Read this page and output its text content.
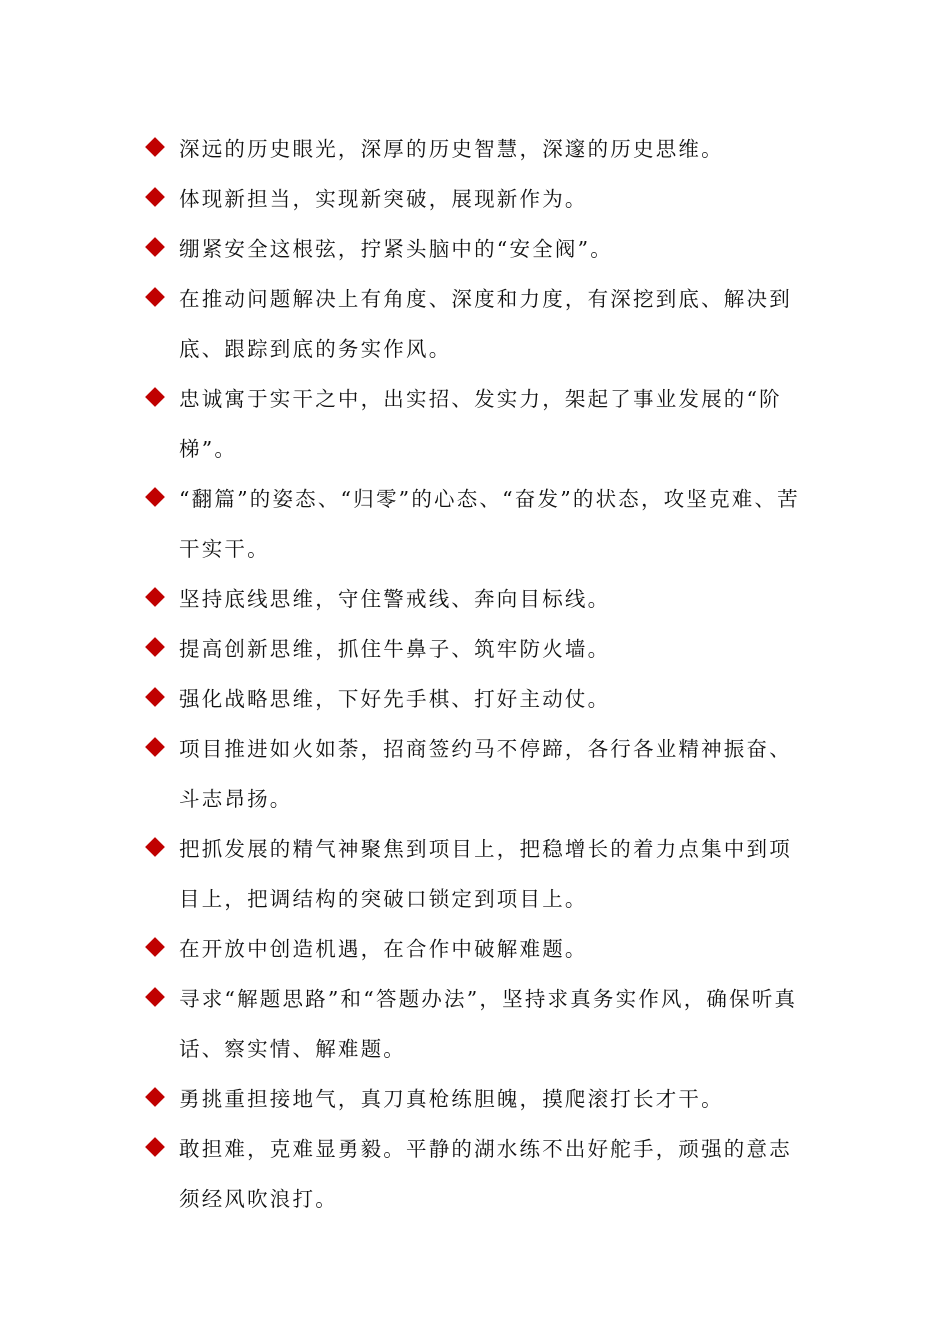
深远的历史眼光，深厚的历史智慧，深邃的历史思维。
体现新担当，实现新突破，展现新作为。
绷紧安全这根弦，拧紧头脑中的“安全阀”。
在推动问题解决上有角度、深度和力度，有深挖到底、解决到底、跟踪到底的务实作风。
忠诚寓于实干之中，出实招、发实力，架起了事业发展的“阶梯”。
“翻篇”的姿态、“归零”的心态、“奋发”的状态，攻坚克难、苦干实干。
坚持底线思维，守住警戒线、奔向目标线。
提高创新思维，抓住牛鼻子、筑牢防火墙。
强化战略思维，下好先手棋、打好主动仗。
项目推进如火如荼，招商签约马不停蹄，各行各业精神振奋、斗志昂扬。
把抓发展的精气神聚焦到项目上，把稳增长的着力点集中到项目上，把调结构的突破口锁定到项目上。
在开放中创造机遇，在合作中破解难题。
寻求“解题思路”和“答题办法”，坚持求真务实作风，确保听真话、察实情、解难题。
勇挑重担接地气，真刀真枪练胆魄，摸爬滚打长才干。
敢担难，克难显勇毅。平静的湖水练不出好舵手，顽强的意志须经风吹浪打。
